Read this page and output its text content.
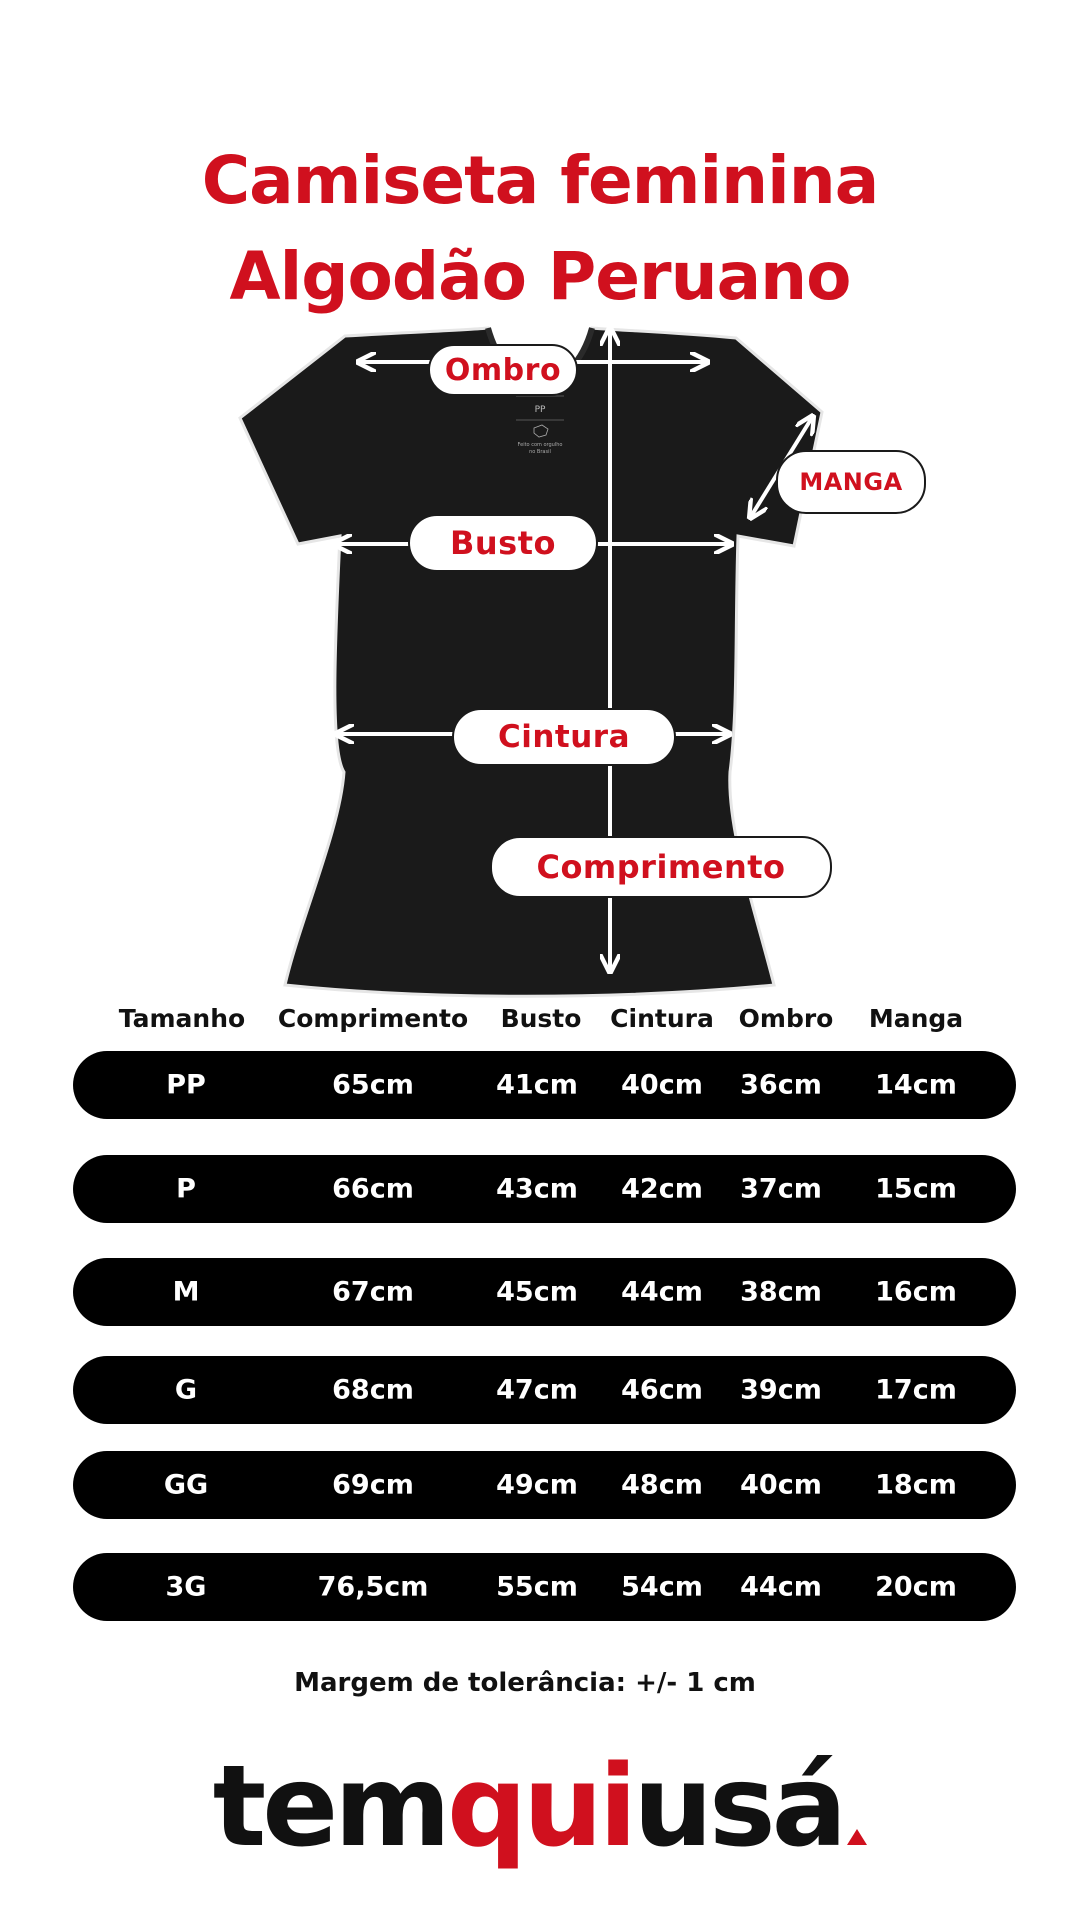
Camiseta feminina
Algodão Peruano
PP
Feito com orgulho
no Brasil
Ombro
MANGA
Busto
Cintura
Comprimento
Tamanho Comprimento Busto Cintura Ombro Manga
PP	65cm	41cm 40cm 36cm 14cm
P	66cm	43cm 42cm 37cm 15cm
M	67cm	45cm 44cm 38cm 16cm
G	68cm	47cm 46cm 39cm 17cm
GG	69cm	49cm 48cm 40cm 18cm
3G	76,5cm	55cm 54cm 44cm 20cm
Margem de tolerância: +/- 1 cm
temquiusá
